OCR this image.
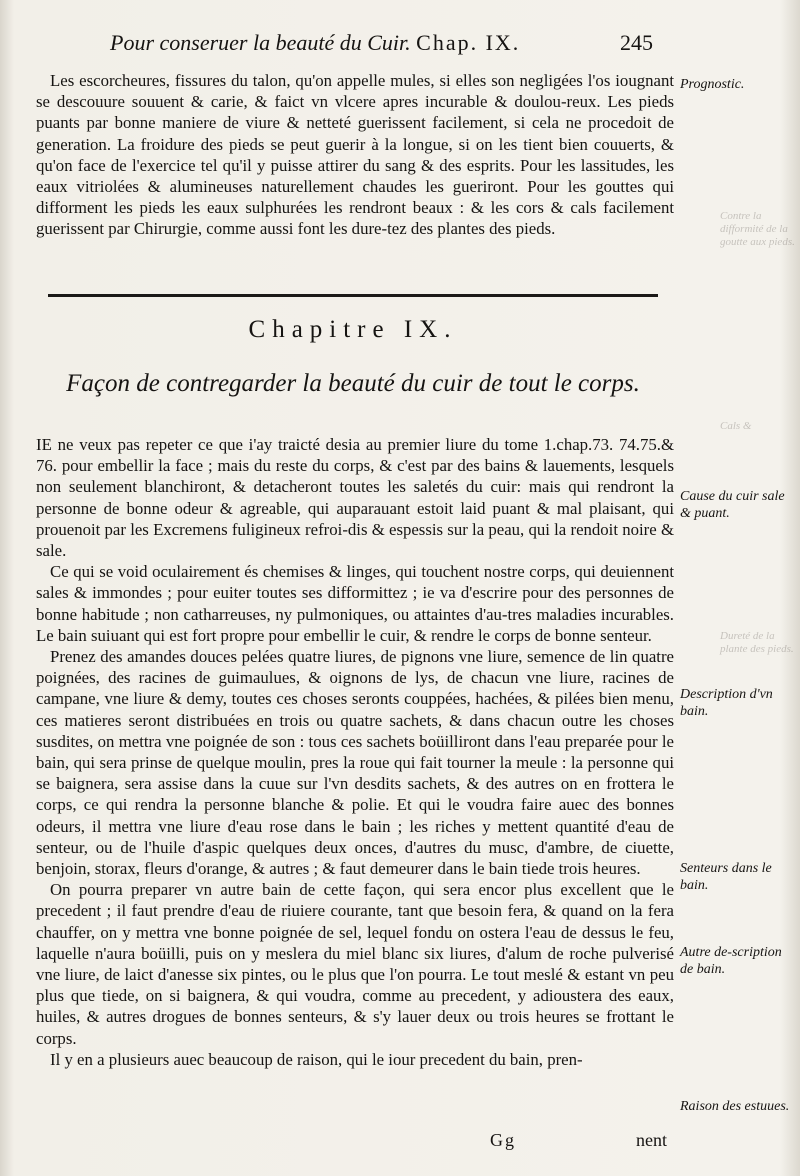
Pour conseruer la beauté du Cuir. Chap. IX.	245

Les escorcheures, fissures du talon, qu'on appelle mules, si elles son negligées l'os iougnant se descouure souuent & carie, & faict vn vlcere apres incurable & doulou-reux. Les pieds puants par bonne maniere de viure & netteté guerissent facilement, si cela ne procedoit de generation. La froidure des pieds se peut guerir à la longue, si on les tient bien couuerts, & qu'on face de l'exercice tel qu'il y puisse attirer du sang & des esprits. Pour les lassitudes, les eaux vitriolées & alumineuses naturellement chaudes les gueriront. Pour les gouttes qui difforment les pieds les eaux sulphurées les rendront beaux : & les cors & cals facilement guerissent par Chirurgie, comme aussi font les dure-tez des plantes des pieds.

Chapitre IX.
Façon de contregarder la beauté du cuir de tout le corps.

IE ne veux pas repeter ce que i'ay traicté desia au premier liure du tome 1.chap.73. 74.75.& 76. pour embellir la face ; mais du reste du corps, & c'est par des bains & lauements, lesquels non seulement blanchiront, & detacheront toutes les saletés du cuir: mais qui rendront la personne de bonne odeur & agreable, qui auparauant estoit laid puant & mal plaisant, qui prouenoit par les Excremens fuligineux refroi-dis & espessis sur la peau, qui la rendoit noire & sale.

Ce qui se void oculairement és chemises & linges, qui touchent nostre corps, qui deuiennent sales & immondes ; pour euiter toutes ses difformittez ; ie va d'escrire pour des personnes de bonne habitude ; non catharreuses, ny pulmoniques, ou attaintes d'au-tres maladies incurables. Le bain suiuant qui est fort propre pour embellir le cuir, & rendre le corps de bonne senteur.

Prenez des amandes douces pelées quatre liures, de pignons vne liure, semence de lin quatre poignées, des racines de guimaulues, & oignons de lys, de chacun vne liure, racines de campane, vne liure & demy, toutes ces choses seronts couppées, hachées, & pilées bien menu, ces matieres seront distribuées en trois ou quatre sachets, & dans chacun outre les choses susdites, on mettra vne poignée de son : tous ces sachets boüilliront dans l'eau preparée pour le bain, qui sera prinse de quelque moulin, pres la roue qui fait tourner la meule : la personne qui se baignera, sera assise dans la cuue sur l'vn desdits sachets, & des autres on en frottera le corps, ce qui rendra la personne blanche & polie. Et qui le voudra faire auec des bonnes odeurs, il mettra vne liure d'eau rose dans le bain ; les riches y mettent quantité d'eau de senteur, ou de l'huile d'aspic quelques deux onces, d'autres du musc, d'ambre, de ciuette, benjoin, storax, fleurs d'orange, & autres ; & faut demeurer dans le bain tiede trois heures.

On pourra preparer vn autre bain de cette façon, qui sera encor plus excellent que le precedent ; il faut prendre d'eau de riuiere courante, tant que besoin fera, & quand on la fera chauffer, on y mettra vne bonne poignée de sel, lequel fondu on ostera l'eau de dessus le feu, laquelle n'aura boüilli, puis on y meslera du miel blanc six liures, d'alum de roche pulverisé vne liure, de laict d'anesse six pintes, ou le plus que l'on pourra. Le tout meslé & estant vn peu plus que tiede, on si baignera, & qui voudra, comme au precedent, y adioustera des eaux, huiles, & autres drogues de bonnes senteurs, & s'y lauer deux ou trois heures se frottant le corps.

Il y en a plusieurs auec beaucoup de raison, qui le iour precedent du bain, pren-

Prognostic.
Cause du cuir sale & puant.
Description d'vn bain.
Senteurs dans le bain.
Autre de-scription de bain.
Raison des estuues.
Contre la difformité de la goutte aux pieds.
Cals &
Dureté de la plante des pieds.
Gg	nent
